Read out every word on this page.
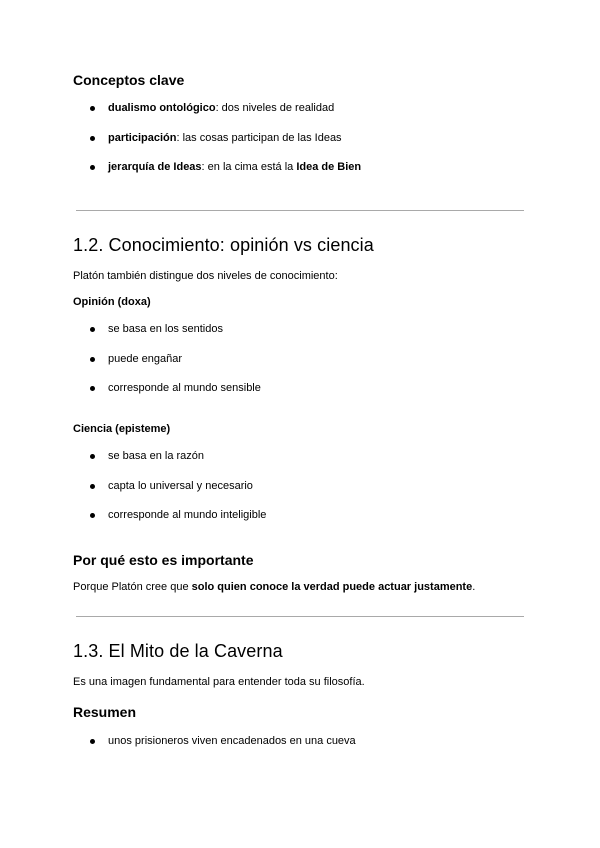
Conceptos clave
dualismo ontológico: dos niveles de realidad
participación: las cosas participan de las Ideas
jerarquía de Ideas: en la cima está la Idea de Bien
1.2. Conocimiento: opinión vs ciencia

Platón también distingue dos niveles de conocimiento:

Opinión (doxa)
se basa en los sentidos
puede engañar
corresponde al mundo sensible
Ciencia (episteme)
se basa en la razón
capta lo universal y necesario
corresponde al mundo inteligible
Por qué esto es importante

Porque Platón cree que solo quien conoce la verdad puede actuar justamente.

1.3. El Mito de la Caverna

Es una imagen fundamental para entender toda su filosofía.

Resumen
unos prisioneros viven encadenados en una cueva
